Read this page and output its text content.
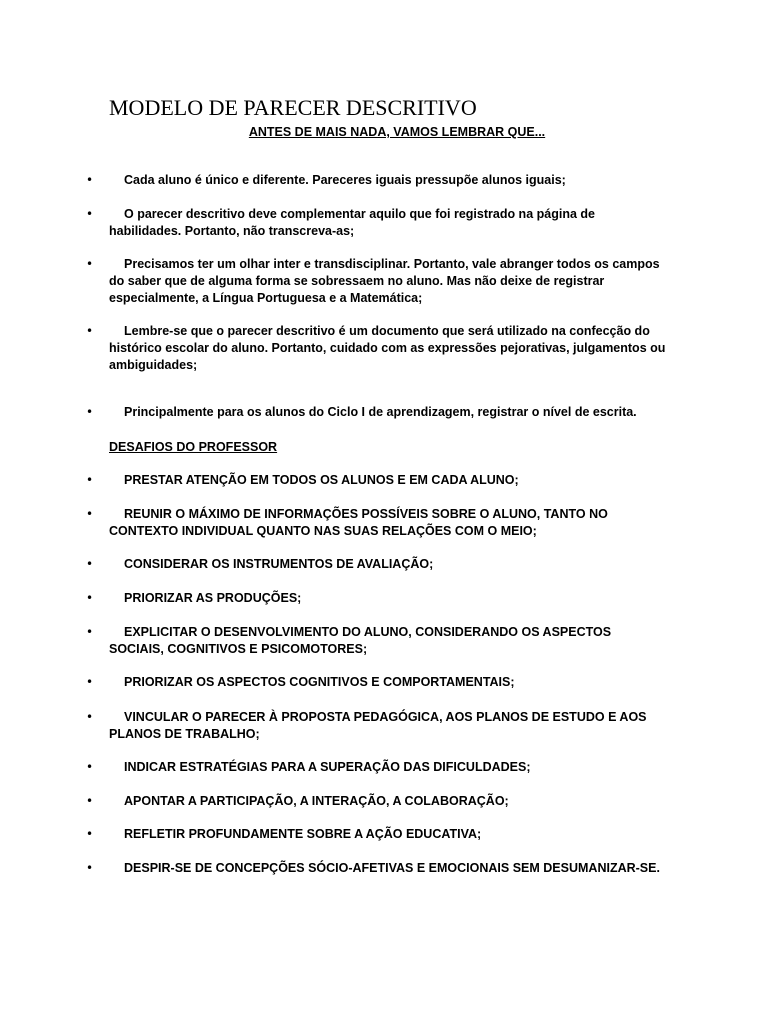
MODELO DE PARECER DESCRITIVO
ANTES DE MAIS NADA, VAMOS LEMBRAR QUE...
•	Cada aluno é único e diferente. Pareceres iguais pressupõe alunos iguais;
•	O parecer descritivo deve complementar aquilo que foi registrado na página de habilidades. Portanto, não transcreva-as;
•	Precisamos ter um olhar inter e transdisciplinar. Portanto, vale abranger todos os campos do saber que de alguma forma se sobressaem no aluno. Mas não deixe de registrar especialmente, a Língua Portuguesa e a Matemática;
•	Lembre-se que o parecer descritivo é um documento que será utilizado na confecção do histórico escolar do aluno. Portanto, cuidado com as expressões pejorativas, julgamentos ou ambiguidades;
•	Principalmente para os alunos do Ciclo I de aprendizagem, registrar o nível de escrita.
DESAFIOS DO PROFESSOR
•	PRESTAR ATENÇÃO EM TODOS OS ALUNOS E EM CADA ALUNO;
•	REUNIR O MÁXIMO DE INFORMAÇÕES POSSÍVEIS SOBRE O ALUNO, TANTO NO CONTEXTO INDIVIDUAL QUANTO NAS SUAS RELAÇÕES COM O MEIO;
•	CONSIDERAR OS INSTRUMENTOS DE AVALIAÇÃO;
•	PRIORIZAR AS PRODUÇÕES;
•	EXPLICITAR O DESENVOLVIMENTO DO ALUNO, CONSIDERANDO OS ASPECTOS SOCIAIS, COGNITIVOS E PSICOMOTORES;
•	PRIORIZAR OS ASPECTOS COGNITIVOS E COMPORTAMENTAIS;
•	VINCULAR O PARECER À PROPOSTA PEDAGÓGICA, AOS PLANOS DE ESTUDO E AOS PLANOS DE TRABALHO;
•	INDICAR ESTRATÉGIAS PARA A SUPERAÇÃO DAS DIFICULDADES;
•	APONTAR A PARTICIPAÇÃO, A INTERAÇÃO, A COLABORAÇÃO;
•	REFLETIR PROFUNDAMENTE SOBRE A AÇÃO EDUCATIVA;
•	DESPIR-SE DE CONCEPÇÕES SÓCIO-AFETIVAS E EMOCIONAIS SEM DESUMANIZAR-SE.
